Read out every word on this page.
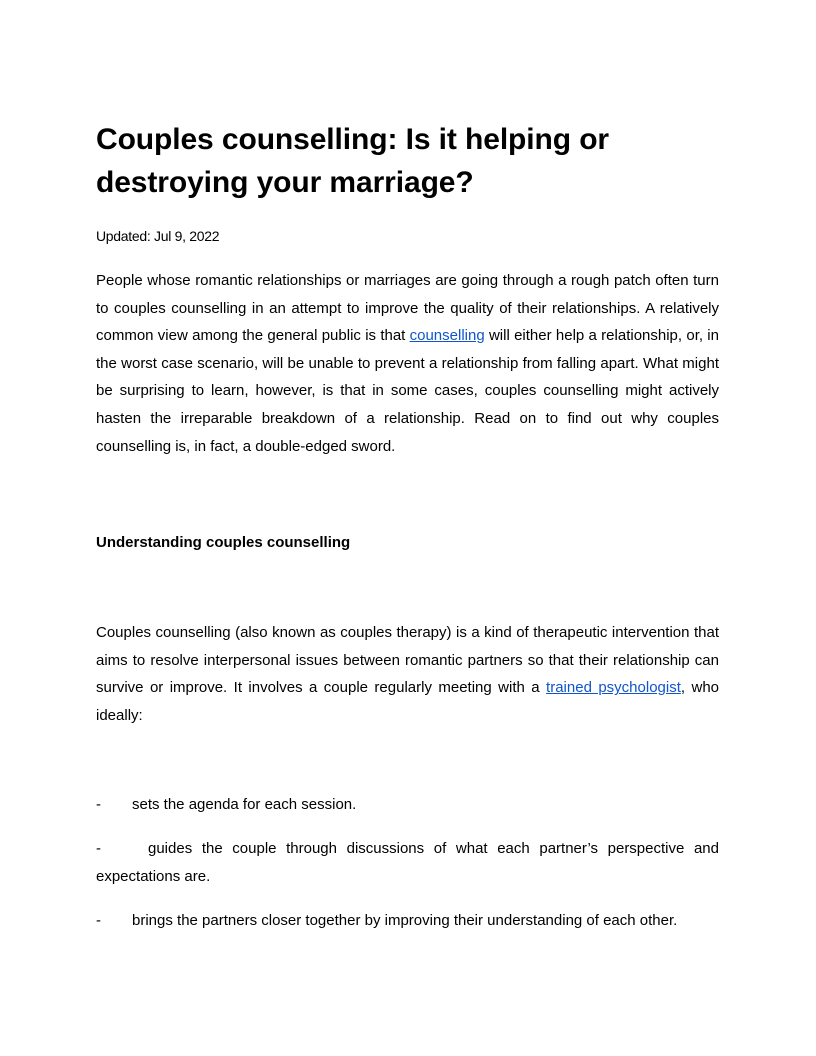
Couples counselling: Is it helping or destroying your marriage?

Updated: Jul 9, 2022

People whose romantic relationships or marriages are going through a rough patch often turn to couples counselling in an attempt to improve the quality of their relationships. A relatively common view among the general public is that counselling will either help a relationship, or, in the worst case scenario, will be unable to prevent a relationship from falling apart. What might be surprising to learn, however, is that in some cases, couples counselling might actively hasten the irreparable breakdown of a relationship. Read on to find out why couples counselling is, in fact, a double-edged sword.

Understanding couples counselling

Couples counselling (also known as couples therapy) is a kind of therapeutic intervention that aims to resolve interpersonal issues between romantic partners so that their relationship can survive or improve. It involves a couple regularly meeting with a trained psychologist, who ideally:

- sets the agenda for each session.
-	guides the couple through discussions of what each partner’s perspective and expectations are.
- brings the partners closer together by improving their understanding of each other.
